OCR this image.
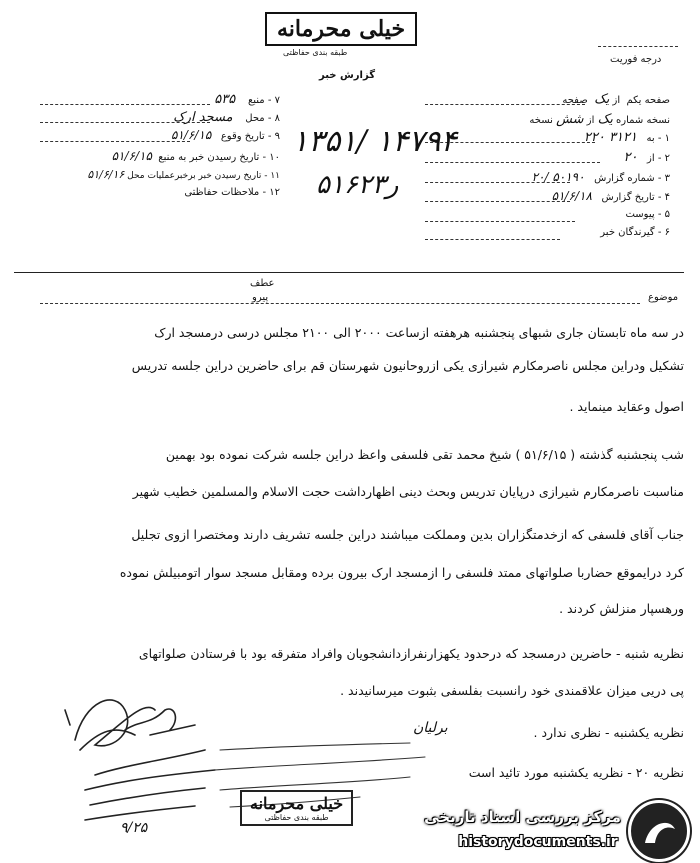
خیلی محرمانه
طبقه بندی حفاظتی
درجه فوریت
گزارش خبر
صفحه یکم  از یک  صفحه
نسخه شماره یک از شش نسخه
۱ - به   ۳۱۲۱ ۲۲۰
۲ - از   ۲۰
۳ - شماره گزارش   ۵۰۱۹۰ /۲۰
۴ - تاریخ گزارش   ۵۱/۶/۱۸
۵ - پیوست
۶ - گیرندگان خبر
۷ - منبع    ۵۳۵
۸ - محل    مسجد ارک
۹ - تاریخ وقوع   ۵۱/۶/۱۵
۱۰ - تاریخ رسیدن خبر به منبع  ۵۱/۶/۱۵
۱۱ - تاریخ رسیدن خبر برخبرعملیات محل ۵۱/۶/۱۶
۱۲ - ملاحظات حفاظتی
۱۳۵۱/ ۱۴۷۹۴
۵۱۶ر۲۳
عطف
پیرو	موضوع
در سه ماه تابستان جاری شبهای پنجشنبه هرهفته ازساعت ۲۰۰۰ الی ۲۱۰۰ مجلس درسی درمسجد ارک
تشکیل ودراین مجلس ناصرمکارم شیرازی یکی ازروحانیون شهرستان قم برای حاضرین دراین جلسه تدریس
اصول وعقاید مینماید .
شب پنجشنبه گذشته ( ۵۱/۶/۱۵ ) شیخ محمد تقی فلسفی واعظ دراین جلسه شرکت نموده بود بهمین
مناسبت ناصرمکارم شیرازی درپایان تدریس وبحث دینی اظهارداشت حجت الاسلام والمسلمین خطیب شهیر
جناب آقای فلسفی که ازخدمتگزاران بدین ومملکت میباشند دراین جلسه تشریف دارند ومختصرا ازوی تجلیل
کرد درایموقع حضاربا صلواتهای ممتد فلسفی را ازمسجد ارک بیرون برده ومقابل مسجد سوار اتومبیلش نموده
ورهسپار منزلش کردند .
نظریه شنبه - حاضرین درمسجد که درحدود یکهزارنفرازدانشجویان وافراد متفرقه بود با فرستادن صلواتهای
پی دریی میزان علاقمندی خود رانسبت بفلسفی بثبوت میرسانیدند .
نظریه یکشنبه - نظری ندارد .
نظریه ۲۰ - نظریه یکشنبه مورد تائید است
برلیان
۹/۲۵
خیلی محرمانه
طبقه بندی حفاظتی	مرکز بررسی اسناد تاریخی
historydocuments.ir
